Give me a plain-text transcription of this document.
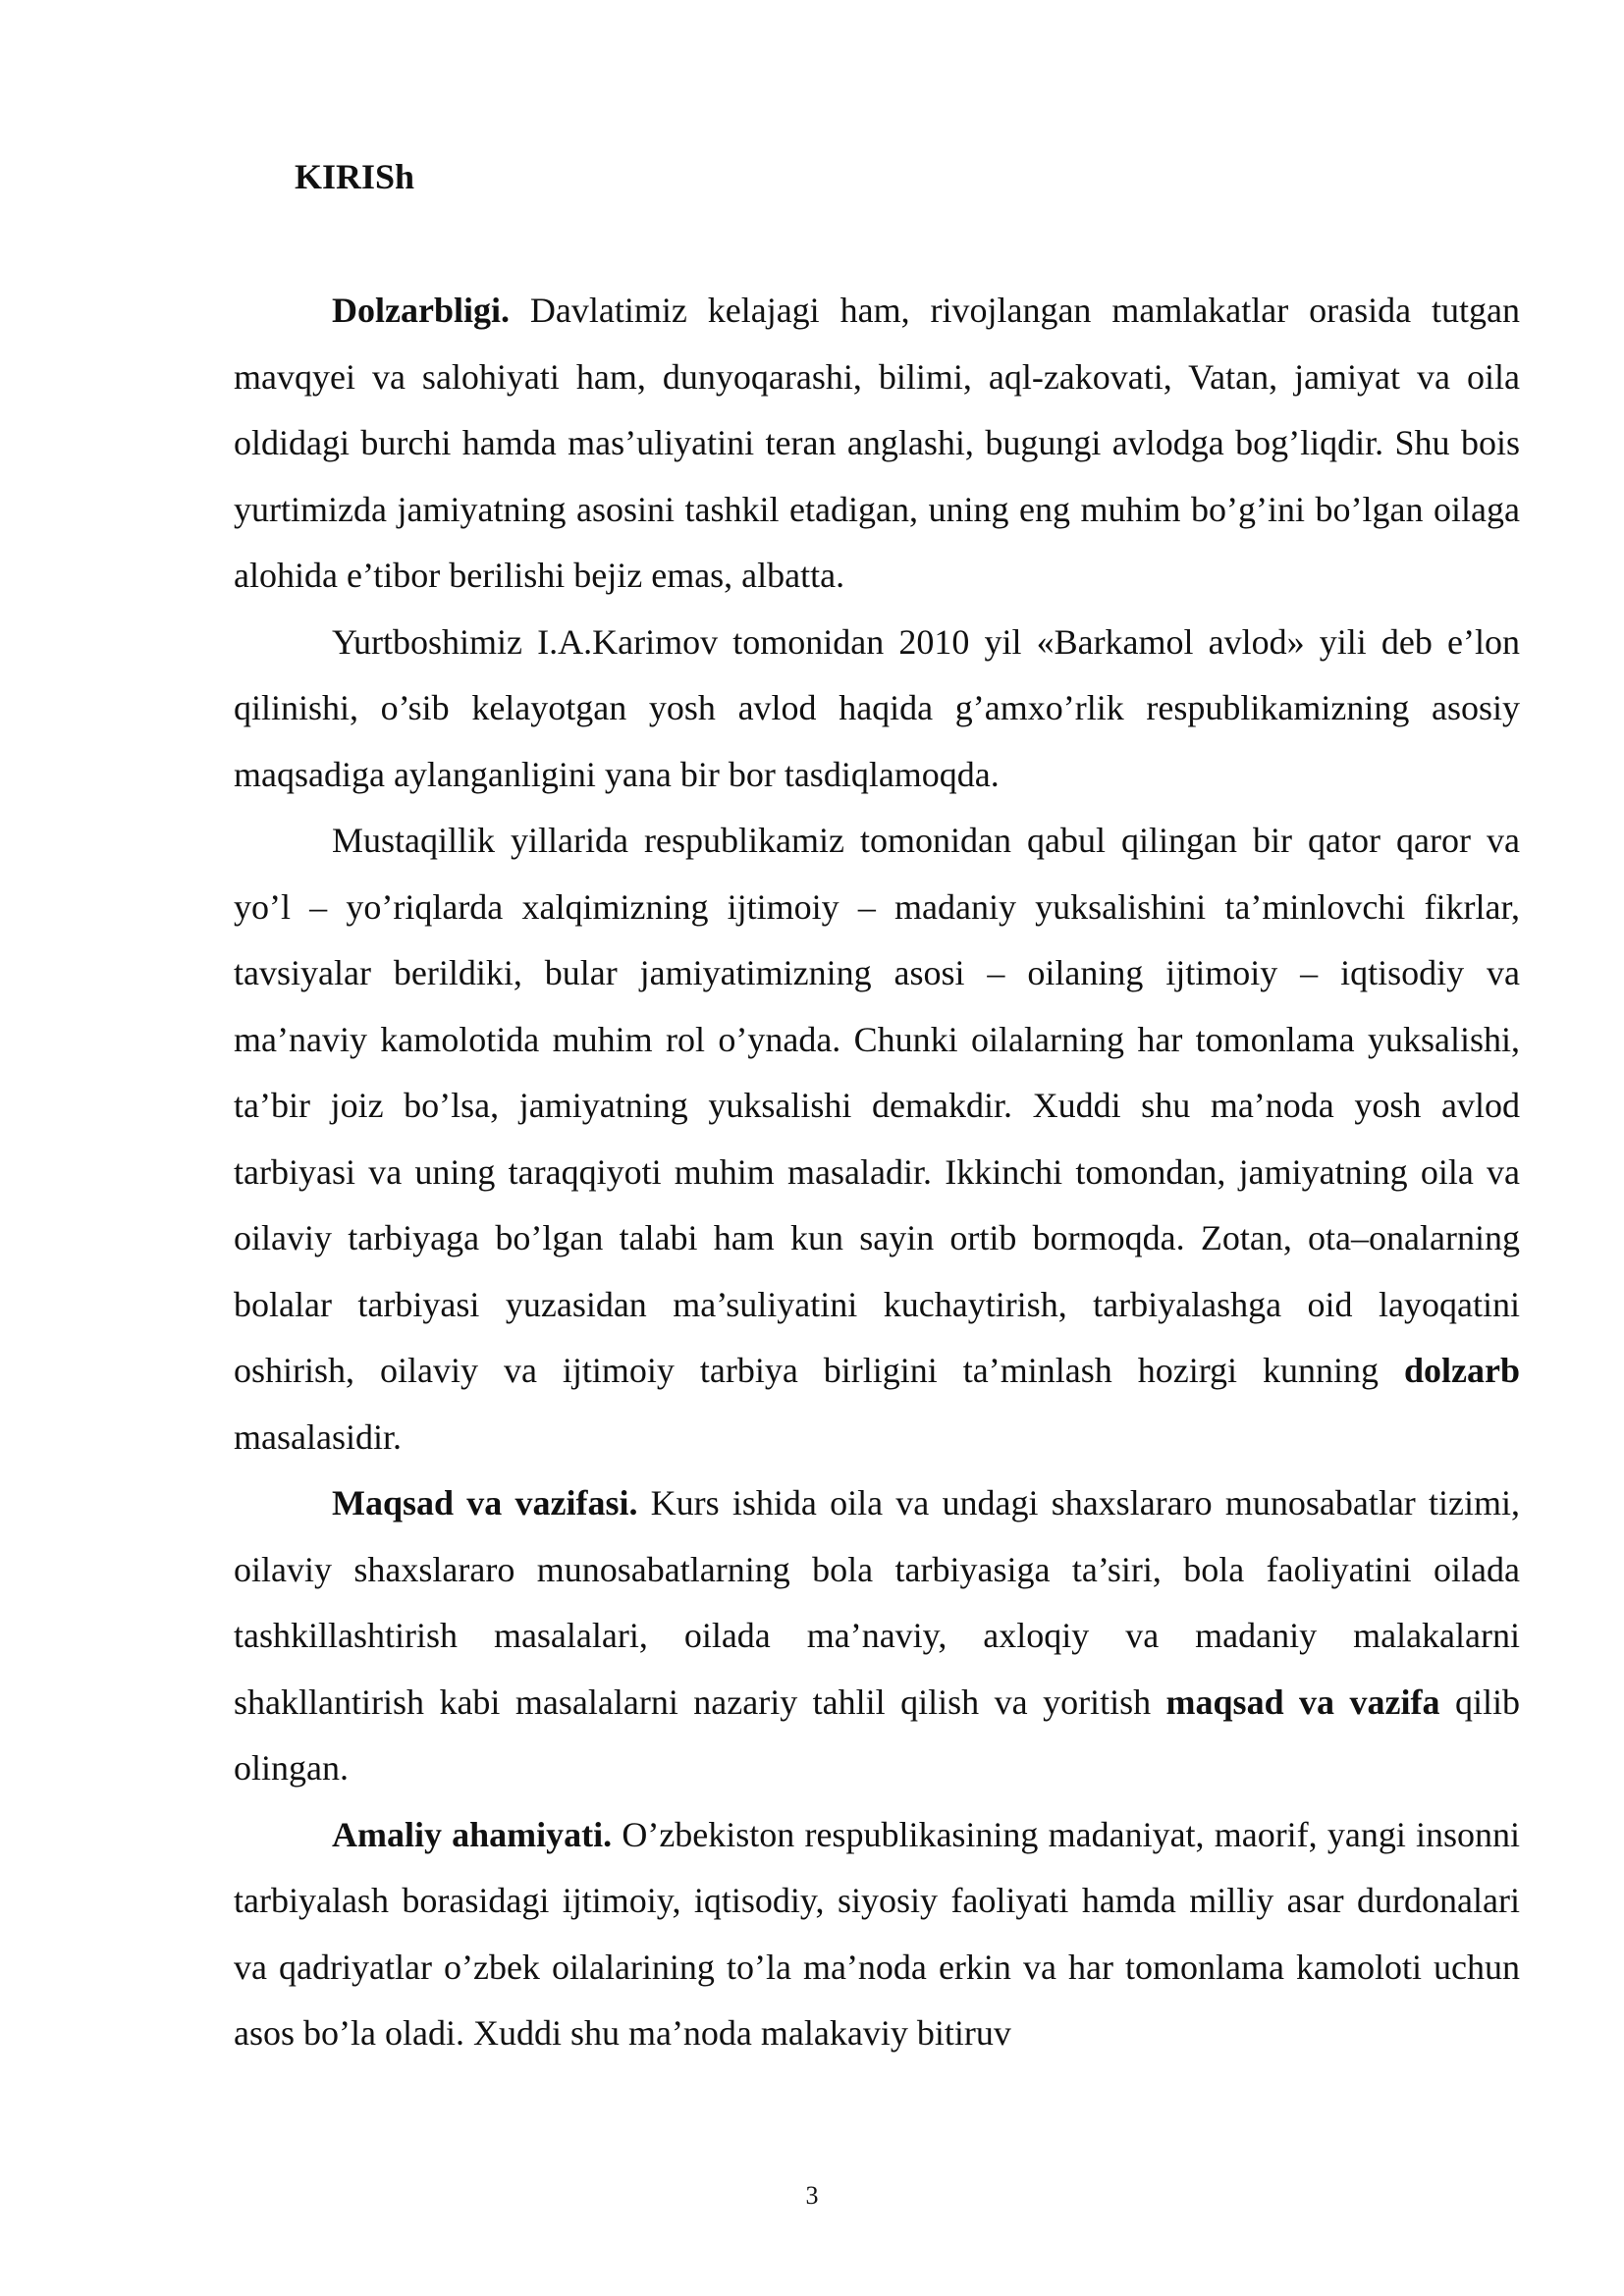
KIRISh

Dolzarbligi. Davlatimiz kelajagi ham, rivojlangan mamlakatlar orasida tutgan mavqyei va salohiyati ham, dunyoqarashi, bilimi, aql-zakovati, Vatan, jamiyat va oila oldidagi burchi hamda mas’uliyatini teran anglashi, bugungi avlodga bog’liqdir. Shu bois yurtimizda jamiyatning asosini tashkil etadigan, uning eng muhim bo’g’ini bo’lgan oilaga alohida e’tibor berilishi bejiz emas, albatta.

Yurtboshimiz I.A.Karimov tomonidan 2010 yil «Barkamol avlod» yili deb e’lon qilinishi, o’sib kelayotgan yosh avlod haqida g’amxo’rlik respublikamizning asosiy maqsadiga aylanganligini yana bir bor tasdiqlamoqda.

Mustaqillik yillarida respublikamiz tomonidan qabul qilingan bir qator qaror va yo’l – yo’riqlarda xalqimizning ijtimoiy – madaniy yuksalishini ta’minlovchi fikrlar, tavsiyalar berildiki, bular jamiyatimizning asosi – oilaning ijtimoiy – iqtisodiy va ma’naviy kamolotida muhim rol o’ynada. Chunki oilalarning har tomonlama yuksalishi, ta’bir joiz bo’lsa, jamiyatning yuksalishi demakdir. Xuddi shu ma’noda yosh avlod tarbiyasi va uning taraqqiyoti muhim masaladir. Ikkinchi tomondan, jamiyatning oila va oilaviy tarbiyaga bo’lgan talabi ham kun sayin ortib bormoqda. Zotan, ota–onalarning bolalar tarbiyasi yuzasidan ma’suliyatini kuchaytirish, tarbiyalashga oid layoqatini oshirish, oilaviy va ijtimoiy tarbiya birligini ta’minlash hozirgi kunning dolzarb masalasidir.

Maqsad va vazifasi. Kurs ishida oila va undagi shaxslararo munosabatlar tizimi, oilaviy shaxslararo munosabatlarning bola tarbiyasiga ta’siri, bola faoliyatini oilada tashkillashtirish masalalari, oilada ma’naviy, axloqiy va madaniy malakalarni shakllantirish kabi masalalarni nazariy tahlil qilish va yoritish maqsad va vazifa qilib olingan.

Amaliy ahamiyati. O’zbekiston respublikasining madaniyat, maorif, yangi insonni tarbiyalash borasidagi ijtimoiy, iqtisodiy, siyosiy faoliyati hamda milliy asar durdonalari va qadriyatlar o’zbek oilalarining to’la ma’noda erkin va har tomonlama kamoloti uchun asos bo’la oladi. Xuddi shu ma’noda malakaviy bitiruv

3
